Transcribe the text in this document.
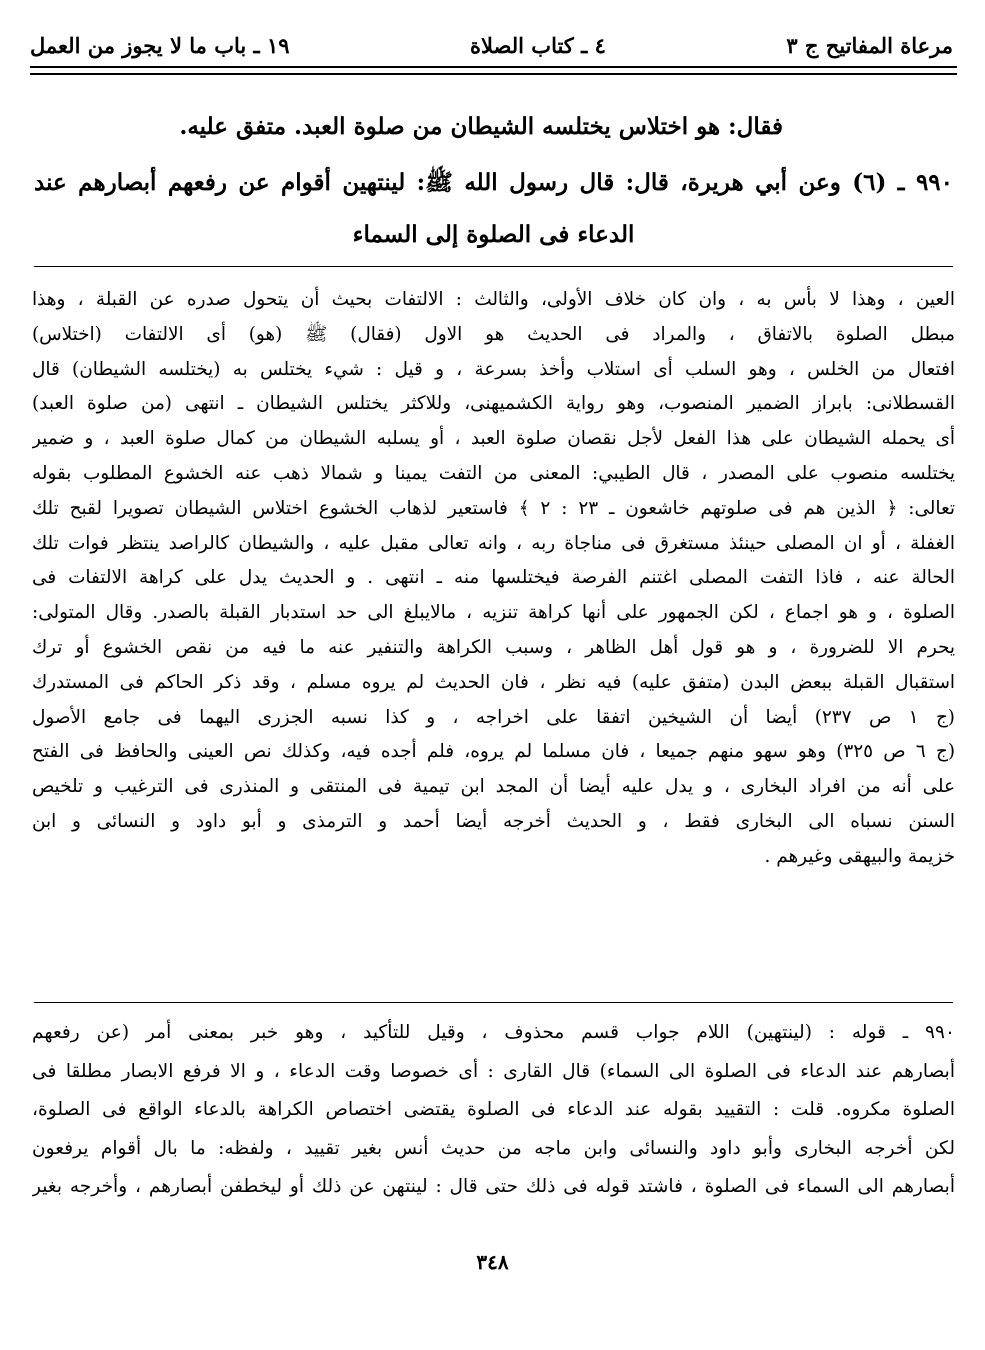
مرعاة المفاتيح ج ٣
٤ ـ كتاب الصلاة
١٩ ـ باب ما لا يجوز من العمل
فقال: هو اختلاس يختلسه الشيطان من صلوة العبد. متفق عليه.
٩٩٠ ـ (٦) وعن أبي هريرة، قال: قال رسول الله ﷺ: لينتهين أقوام عن رفعهم أبصارهم عند
الدعاء فى الصلوة إلى السماء
العين ، وهذا لا بأس به ، وان كان خلاف الأولى، والثالث : الالتفات بحيث أن يتحول صدره عن القبلة ، وهذا
مبطل الصلوة بالاتفاق ، والمراد فى الحديث هو الاول (فقال) ﷺ (هو) أى الالتفات (اختلاس)
افتعال من الخلس ، وهو السلب أى استلاب وأخذ بسرعة ، و قيل : شيء يختلس به (يختلسه الشيطان) قال
القسطلانى: بابراز الضمير المنصوب، وهو رواية الكشميهنى، وللاكثر يختلس الشيطان ـ انتهى (من صلوة العبد)
أى يحمله الشيطان على هذا الفعل لأجل نقصان صلوة العبد ، أو يسلبه الشيطان من كمال صلوة العبد ، و ضمير
يختلسه منصوب على المصدر ، قال الطيبي: المعنى من التفت يمينا و شمالا ذهب عنه الخشوع المطلوب بقوله
تعالى: ﴿ الذين هم فى صلوتهم خاشعون ـ ٢٣ : ٢ ﴾ فاستعير لذهاب الخشوع اختلاس الشيطان تصويرا لقبح تلك
الغفلة ، أو ان المصلى حينئذ مستغرق فى مناجاة ربه ، وانه تعالى مقبل عليه ، والشيطان كالراصد ينتظر فوات تلك
الحالة عنه ، فاذا التفت المصلى اغتنم الفرصة فيختلسها منه ـ انتهى . و الحديث يدل على كراهة الالتفات فى
الصلوة ، و هو اجماع ، لكن الجمهور على أنها كراهة تنزيه ، مالايبلغ الى حد استدبار القبلة بالصدر. وقال المتولى:
يحرم الا للضرورة ، و هو قول أهل الظاهر ، وسبب الكراهة والتنفير عنه ما فيه من نقص الخشوع أو ترك
استقبال القبلة ببعض البدن (متفق عليه) فيه نظر ، فان الحديث لم يروه مسلم ، وقد ذكر الحاكم فى المستدرك
(ج ١ ص ٢٣٧) أيضا أن الشيخين اتفقا على اخراجه ، و كذا نسبه الجزرى اليهما فى جامع الأصول
(ج ٦ ص ٣٢٥) وهو سهو منهم جميعا ، فان مسلما لم يروه، فلم أجده فيه، وكذلك نص العينى والحافظ فى الفتح
على أنه من افراد البخارى ، و يدل عليه أيضا أن المجد ابن تيمية فى المنتقى و المنذرى فى الترغيب و تلخيص
السنن نسباه الى البخارى فقط ، و الحديث أخرجه أيضا أحمد و الترمذى و أبو داود و النسائى و ابن
خزيمة والبيهقى وغيرهم .
٩٩٠ ـ قوله : (لينتهين) اللام جواب قسم محذوف ، وقيل للتأكيد ، وهو خبر بمعنى أمر (عن رفعهم
أبصارهم عند الدعاء فى الصلوة الى السماء) قال القارى : أى خصوصا وقت الدعاء ، و الا فرفع الابصار مطلقا فى
الصلوة مكروه. قلت : التقييد بقوله عند الدعاء فى الصلوة يقتضى اختصاص الكراهة بالدعاء الواقع فى الصلوة،
لكن أخرجه البخارى وأبو داود والنسائى وابن ماجه من حديث أنس بغير تقييد ، ولفظه: ما بال أقوام يرفعون
أبصارهم الى السماء فى الصلوة ، فاشتد قوله فى ذلك حتى قال : لينتهن عن ذلك أو ليخطفن أبصارهم ، وأخرجه بغير
٣٤٨
